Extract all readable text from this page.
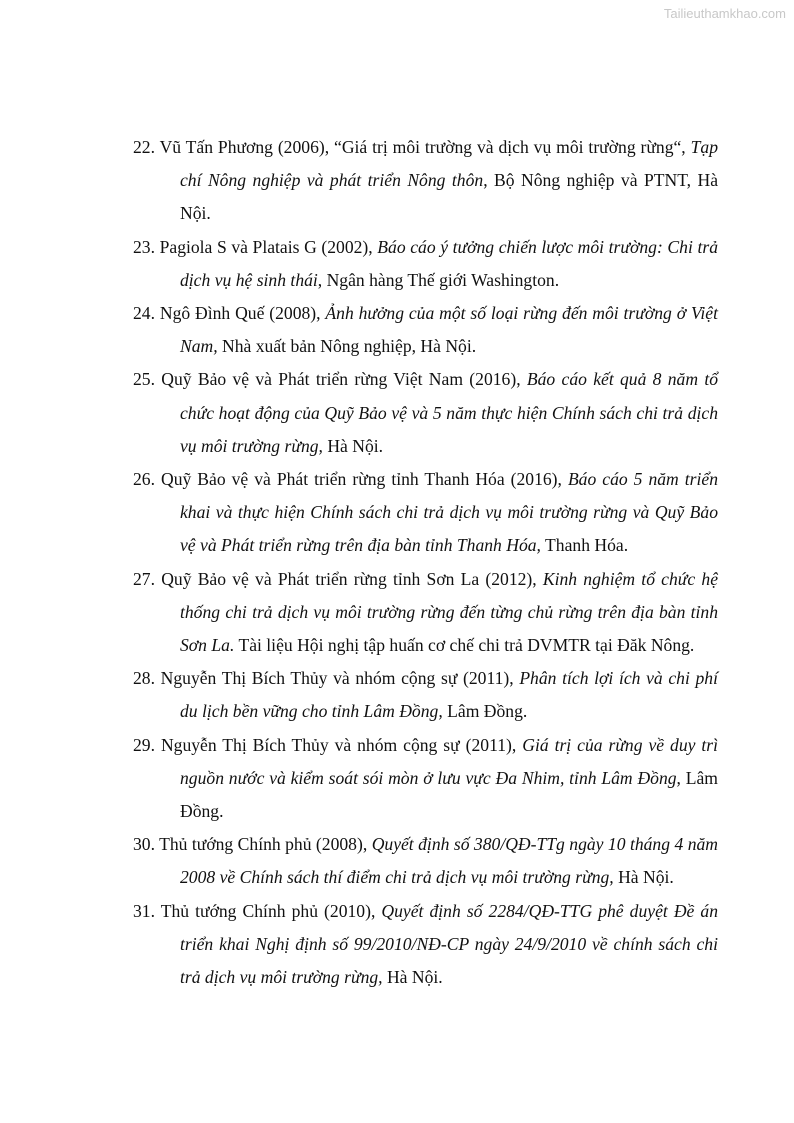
Tailieuthamkhao.com

22. Vũ Tấn Phương (2006), “Giá trị môi trường và dịch vụ môi trường rừng“, Tạp chí Nông nghiệp và phát triển Nông thôn, Bộ Nông nghiệp và PTNT, Hà Nội.

23. Pagiola S và Platais G (2002), Báo cáo ý tưởng chiến lược môi trường: Chi trả dịch vụ hệ sinh thái, Ngân hàng Thế giới Washington.

24. Ngô Đình Quế (2008), Ảnh hưởng của một số loại rừng đến môi trường ở Việt Nam, Nhà xuất bản Nông nghiệp, Hà Nội.

25. Quỹ Bảo vệ và Phát triển rừng Việt Nam (2016), Báo cáo kết quả 8 năm tổ chức hoạt động của Quỹ Bảo vệ và 5 năm thực hiện Chính sách chi trả dịch vụ môi trường rừng, Hà Nội.

26. Quỹ Bảo vệ và Phát triển rừng tỉnh Thanh Hóa (2016), Báo cáo 5 năm triển khai và thực hiện Chính sách chi trả dịch vụ môi trường rừng và Quỹ Bảo vệ và Phát triển rừng trên địa bàn tỉnh Thanh Hóa, Thanh Hóa.

27. Quỹ Bảo vệ và Phát triển rừng tỉnh Sơn La (2012), Kinh nghiệm tổ chức hệ thống chi trả dịch vụ môi trường rừng đến từng chủ rừng trên địa bàn tỉnh Sơn La. Tài liệu Hội nghị tập huấn cơ chế chi trả DVMTR tại Đăk Nông.

28. Nguyễn Thị Bích Thủy và nhóm cộng sự (2011), Phân tích lợi ích và chi phí du lịch bền vững cho tỉnh Lâm Đồng, Lâm Đồng.

29. Nguyễn Thị Bích Thủy và nhóm cộng sự (2011), Giá trị của rừng về duy trì nguồn nước và kiểm soát sói mòn ở lưu vực Đa Nhim, tỉnh Lâm Đồng, Lâm Đồng.

30. Thủ tướng Chính phủ (2008), Quyết định số 380/QĐ-TTg ngày 10 tháng 4 năm 2008 về Chính sách thí điểm chi trả dịch vụ môi trường rừng, Hà Nội.

31. Thủ tướng Chính phủ (2010), Quyết định số 2284/QĐ-TTG phê duyệt Đề án triển khai Nghị định số 99/2010/NĐ-CP ngày 24/9/2010 về chính sách chi trả dịch vụ môi trường rừng, Hà Nội.
